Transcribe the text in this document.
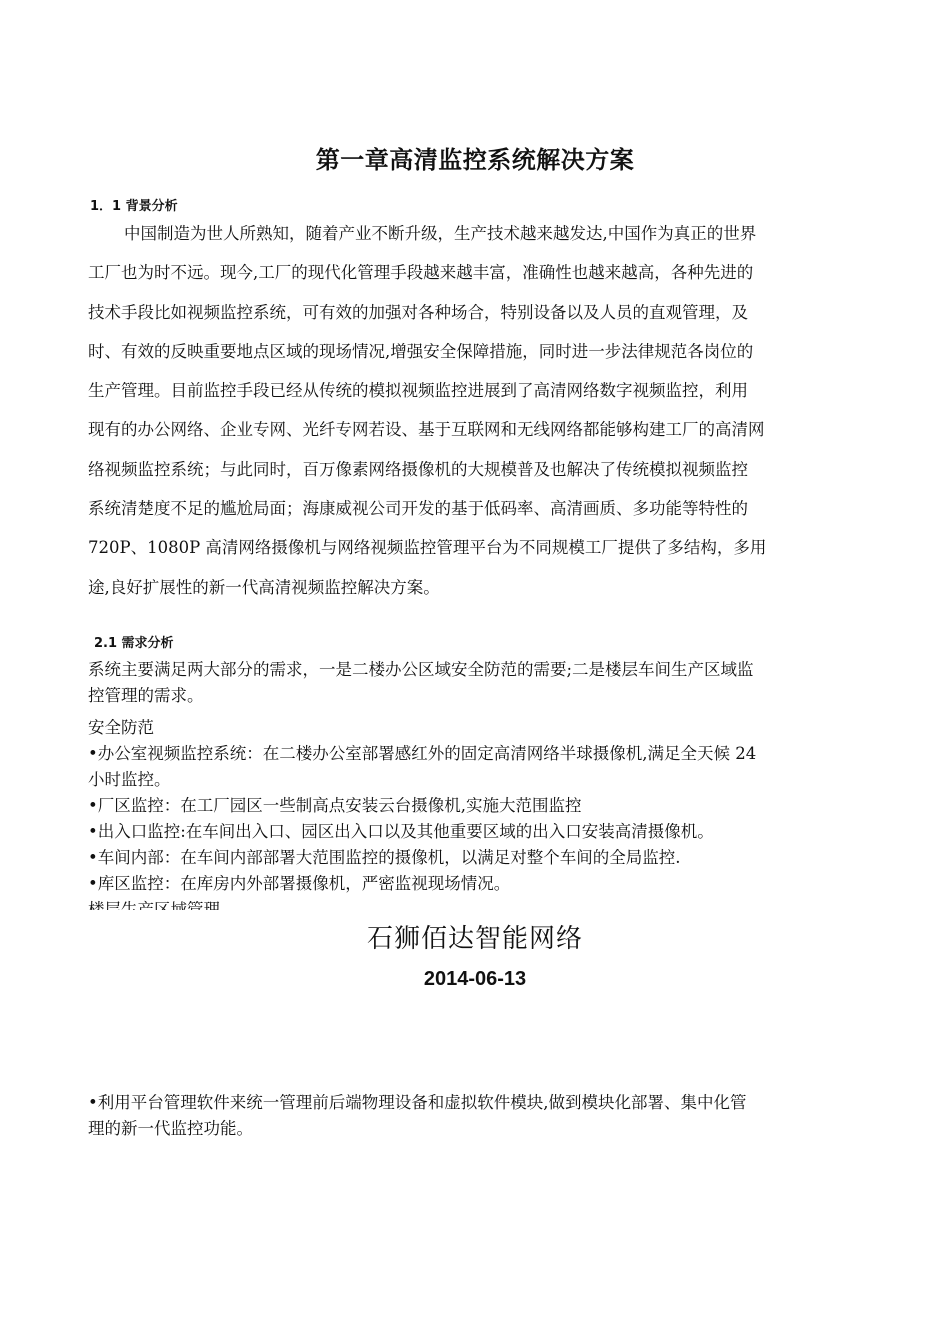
第一章高清监控系统解决方案
1．1 背景分析
中国制造为世人所熟知，随着产业不断升级，生产技术越来越发达,中国作为真正的世界
工厂也为时不远。现今,工厂的现代化管理手段越来越丰富，准确性也越来越高，各种先进的
技术手段比如视频监控系统，可有效的加强对各种场合，特别设备以及人员的直观管理，及
时、有效的反映重要地点区域的现场情况,增强安全保障措施，同时进一步法律规范各岗位的
生产管理。目前监控手段已经从传统的模拟视频监控进展到了高清网络数字视频监控，利用
现有的办公网络、企业专网、光纤专网若设、基于互联网和无线网络都能够构建工厂的高清网
络视频监控系统；与此同时，百万像素网络摄像机的大规模普及也解决了传统模拟视频监控
系统清楚度不足的尴尬局面；海康威视公司开发的基于低码率、高清画质、多功能等特性的
720P、1080P 高清网络摄像机与网络视频监控管理平台为不同规模工厂提供了多结构，多用
途,良好扩展性的新一代高清视频监控解决方案。
2.1 需求分析
系统主要满足两大部分的需求，一是二楼办公区域安全防范的需要;二是楼层车间生产区域监
控管理的需求。
安全防范
•办公室视频监控系统：在二楼办公室部署感红外的固定高清网络半球摄像机,满足全天候 24
小时监控。
•厂区监控：在工厂园区一些制高点安装云台摄像机,实施大范围监控
•出入口监控:在车间出入口、园区出入口以及其他重要区域的出入口安装高清摄像机。
•车间内部：在车间内部部署大范围监控的摄像机，以满足对整个车间的全局监控.
•库区监控：在库房内外部署摄像机，严密监视现场情况。
石狮佰达智能网络
2014-06-13
•利用平台管理软件来统一管理前后端物理设备和虚拟软件模块,做到模块化部署、集中化管
理的新一代监控功能。
